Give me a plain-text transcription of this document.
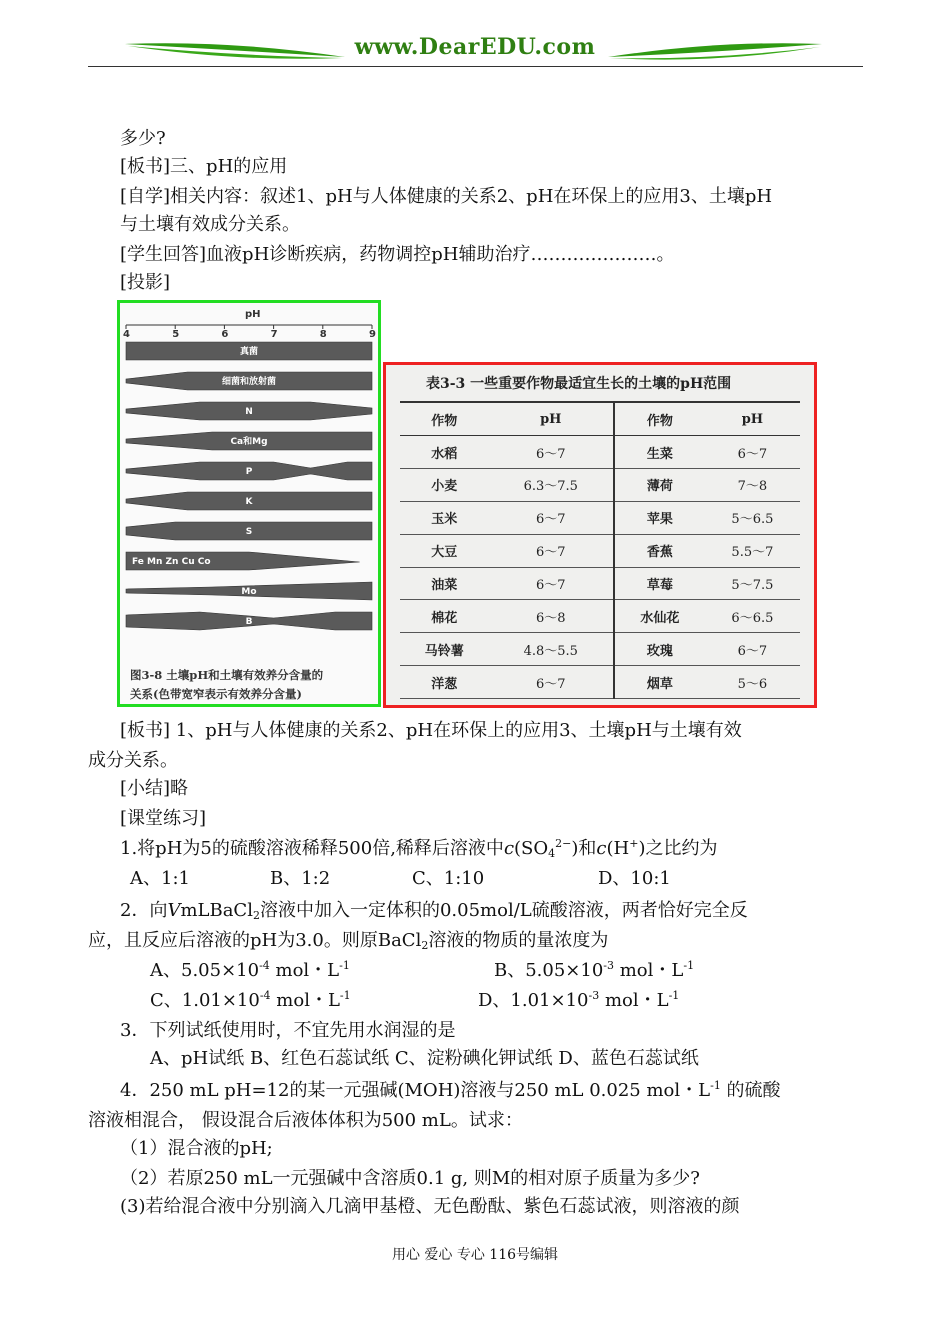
www.DearEDU.com
多少?
[板书]三、pH的应用
[自学]相关内容：叙述1、pH与人体健康的关系2、pH在环保上的应用3、土壤pH
与土壤有效成分关系。
[学生回答]血液pH诊断疾病，药物调控pH辅助治疗…………………。
[投影]
pH
4	5	6	7	8	9
真菌
细菌和放射菌
N
Ca和Mg
P
K
S
Fe Mn Zn Cu Co
Mo
B
图3-8 土壤pH和土壤有效养分含量的
关系(色带宽窄表示有效养分含量)
表3-3 一些重要作物最适宜生长的土壤的pH范围
作物	pH	作物	pH
水稻	6～7	生菜	6～7
小麦	6.3～7.5	薄荷	7～8
玉米	6～7	苹果	5～6.5
大豆	6～7	香蕉	5.5～7
油菜	6～7	草莓	5～7.5
棉花	6～8	水仙花	6～6.5
马铃薯	4.8～5.5	玫瑰	6～7
洋葱	6～7	烟草	5～6
[板书] 1、pH与人体健康的关系2、pH在环保上的应用3、土壤pH与土壤有效
成分关系。
[小结]略
[课堂练习]
1.将pH为5的硫酸溶液稀释500倍,稀释后溶液中$c(SO_4^{2-})$和c(H+)之比约为
A、1:1	B、1:2	C、1:10	D、10:1
2．向VmLBaCl$_2$溶液中加入一定体积的0.05mol/L硫酸溶液，两者恰好完全反
应，且反应后溶液的pH为3.0。则原BaCl$_2$溶液的物质的量浓度为
A、$5.05\times 10^{-4}$ mol・$L^{-1}$	B、$5.05\times 10^{-3}$ mol・$L^{-1}$
C、$1.01\times 10^{-4}$ mol・$L^{-1}$	D、$1.01\times 10^{-3}$ mol・$L^{-1}$
3．下列试纸使用时，不宜先用水润湿的是
A、pH试纸 B、红色石蕊试纸 C、淀粉碘化钾试纸 D、蓝色石蕊试纸
4．250 mL pH=12的某一元强碱(MOH)溶液与250 mL 0.025 mol・$L^{-1}$ 的硫酸
溶液相混合， 假设混合后液体体积为500 mL。试求：
（1）混合液的pH;
（2）若原250 mL一元强碱中含溶质0.1 g, 则M的相对原子质量为多少?
(3)若给混合液中分别滴入几滴甲基橙、无色酚酞、紫色石蕊试液，则溶液的颜
用心 爱心 专心 116号编辑
